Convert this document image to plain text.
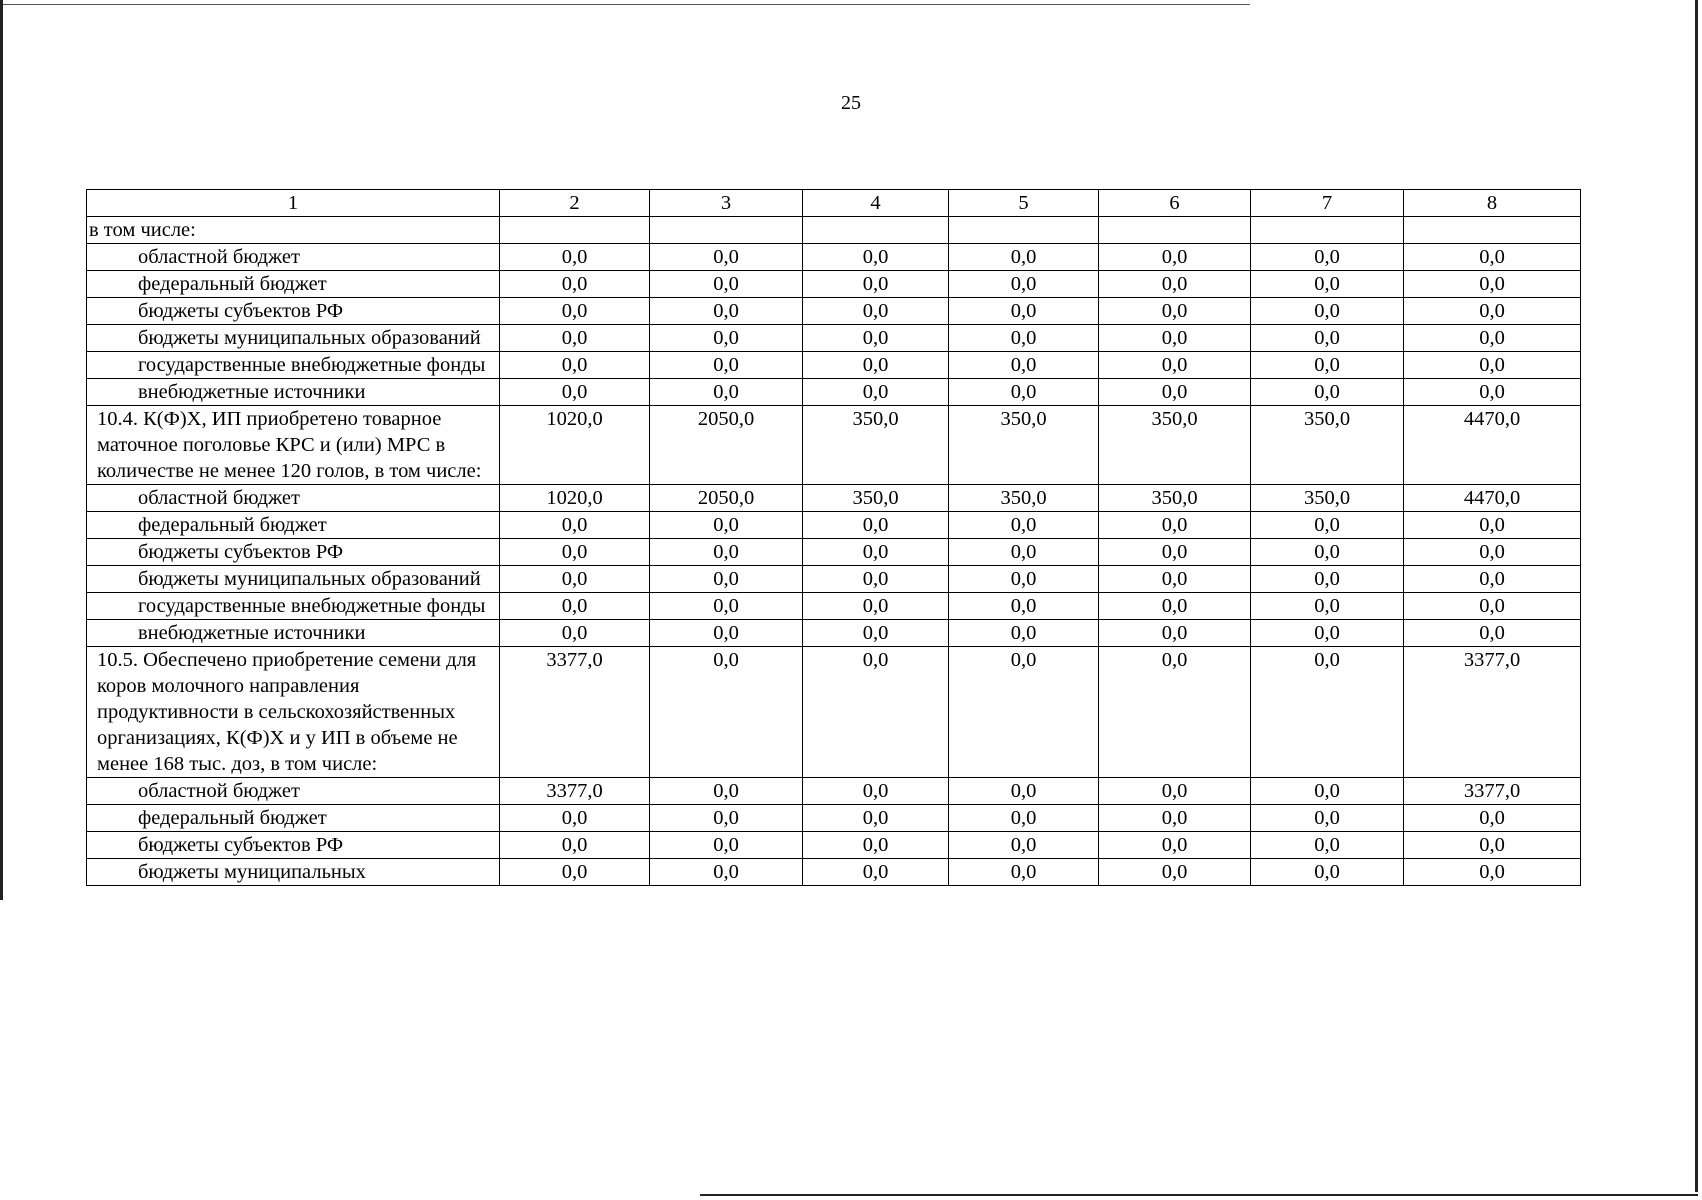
25
1	2	3	4	5	6	7	8
в том числе:							
областной бюджет	0,0	0,0	0,0	0,0	0,0	0,0	0,0
федеральный бюджет	0,0	0,0	0,0	0,0	0,0	0,0	0,0
бюджеты субъектов РФ	0,0	0,0	0,0	0,0	0,0	0,0	0,0
бюджеты муниципальных образований	0,0	0,0	0,0	0,0	0,0	0,0	0,0
государственные внебюджетные фонды	0,0	0,0	0,0	0,0	0,0	0,0	0,0
внебюджетные источники	0,0	0,0	0,0	0,0	0,0	0,0	0,0
10.4. К(Ф)Х, ИП приобретено товарное маточное поголовье КРС и (или) МРС в количестве не менее 120 голов, в том числе:	1020,0	2050,0	350,0	350,0	350,0	350,0	4470,0
областной бюджет	1020,0	2050,0	350,0	350,0	350,0	350,0	4470,0
федеральный бюджет	0,0	0,0	0,0	0,0	0,0	0,0	0,0
бюджеты субъектов РФ	0,0	0,0	0,0	0,0	0,0	0,0	0,0
бюджеты муниципальных образований	0,0	0,0	0,0	0,0	0,0	0,0	0,0
государственные внебюджетные фонды	0,0	0,0	0,0	0,0	0,0	0,0	0,0
внебюджетные источники	0,0	0,0	0,0	0,0	0,0	0,0	0,0
10.5. Обеспечено приобретение семени для коров молочного направления продуктивности в сельскохозяйственных организациях, К(Ф)Х и у ИП в объеме не менее 168 тыс. доз, в том числе:	3377,0	0,0	0,0	0,0	0,0	0,0	3377,0
областной бюджет	3377,0	0,0	0,0	0,0	0,0	0,0	3377,0
федеральный бюджет	0,0	0,0	0,0	0,0	0,0	0,0	0,0
бюджеты субъектов РФ	0,0	0,0	0,0	0,0	0,0	0,0	0,0
бюджеты муниципальных	0,0	0,0	0,0	0,0	0,0	0,0	0,0
